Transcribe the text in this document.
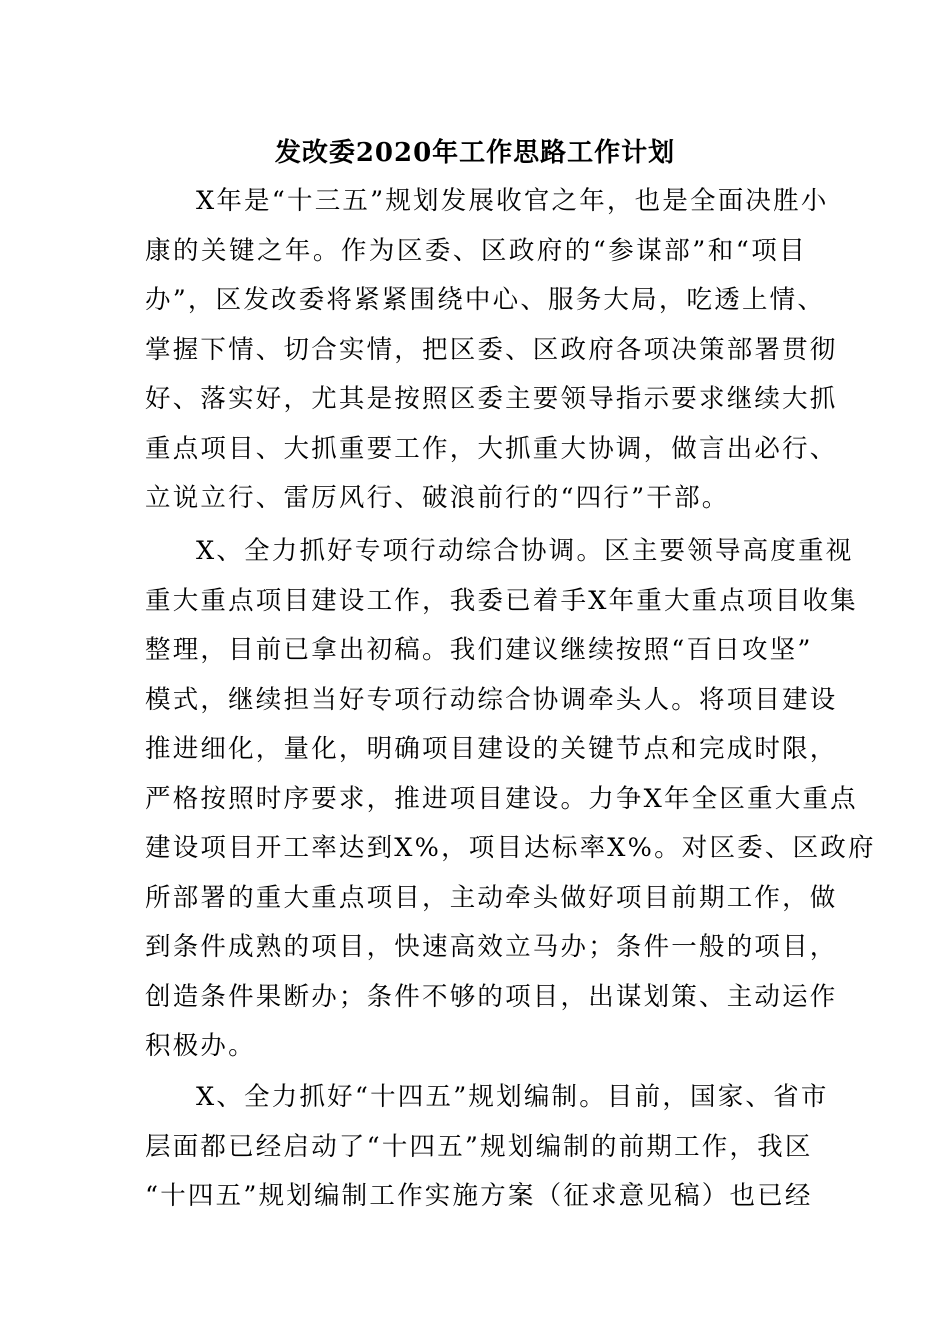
发改委2020年工作思路工作计划
X年是“十三五”规划发展收官之年，也是全面决胜小
康的关键之年。作为区委、区政府的“参谋部”和“项目
办”，区发改委将紧紧围绕中心、服务大局，吃透上情、
掌握下情、切合实情，把区委、区政府各项决策部署贯彻
好、落实好，尤其是按照区委主要领导指示要求继续大抓
重点项目、大抓重要工作，大抓重大协调，做言出必行、
立说立行、雷厉风行、破浪前行的“四行”干部。
X、全力抓好专项行动综合协调。区主要领导高度重视
重大重点项目建设工作，我委已着手X年重大重点项目收集
整理，目前已拿出初稿。我们建议继续按照“百日攻坚”
模式，继续担当好专项行动综合协调牵头人。将项目建设
推进细化，量化，明确项目建设的关键节点和完成时限，
严格按照时序要求，推进项目建设。力争X年全区重大重点
建设项目开工率达到X%，项目达标率X%。对区委、区政府
所部署的重大重点项目，主动牵头做好项目前期工作，做
到条件成熟的项目，快速高效立马办；条件一般的项目，
创造条件果断办；条件不够的项目，出谋划策、主动运作
积极办。
X、全力抓好“十四五”规划编制。目前，国家、省市
层面都已经启动了“十四五”规划编制的前期工作，我区
“十四五”规划编制工作实施方案（征求意见稿）也已经
